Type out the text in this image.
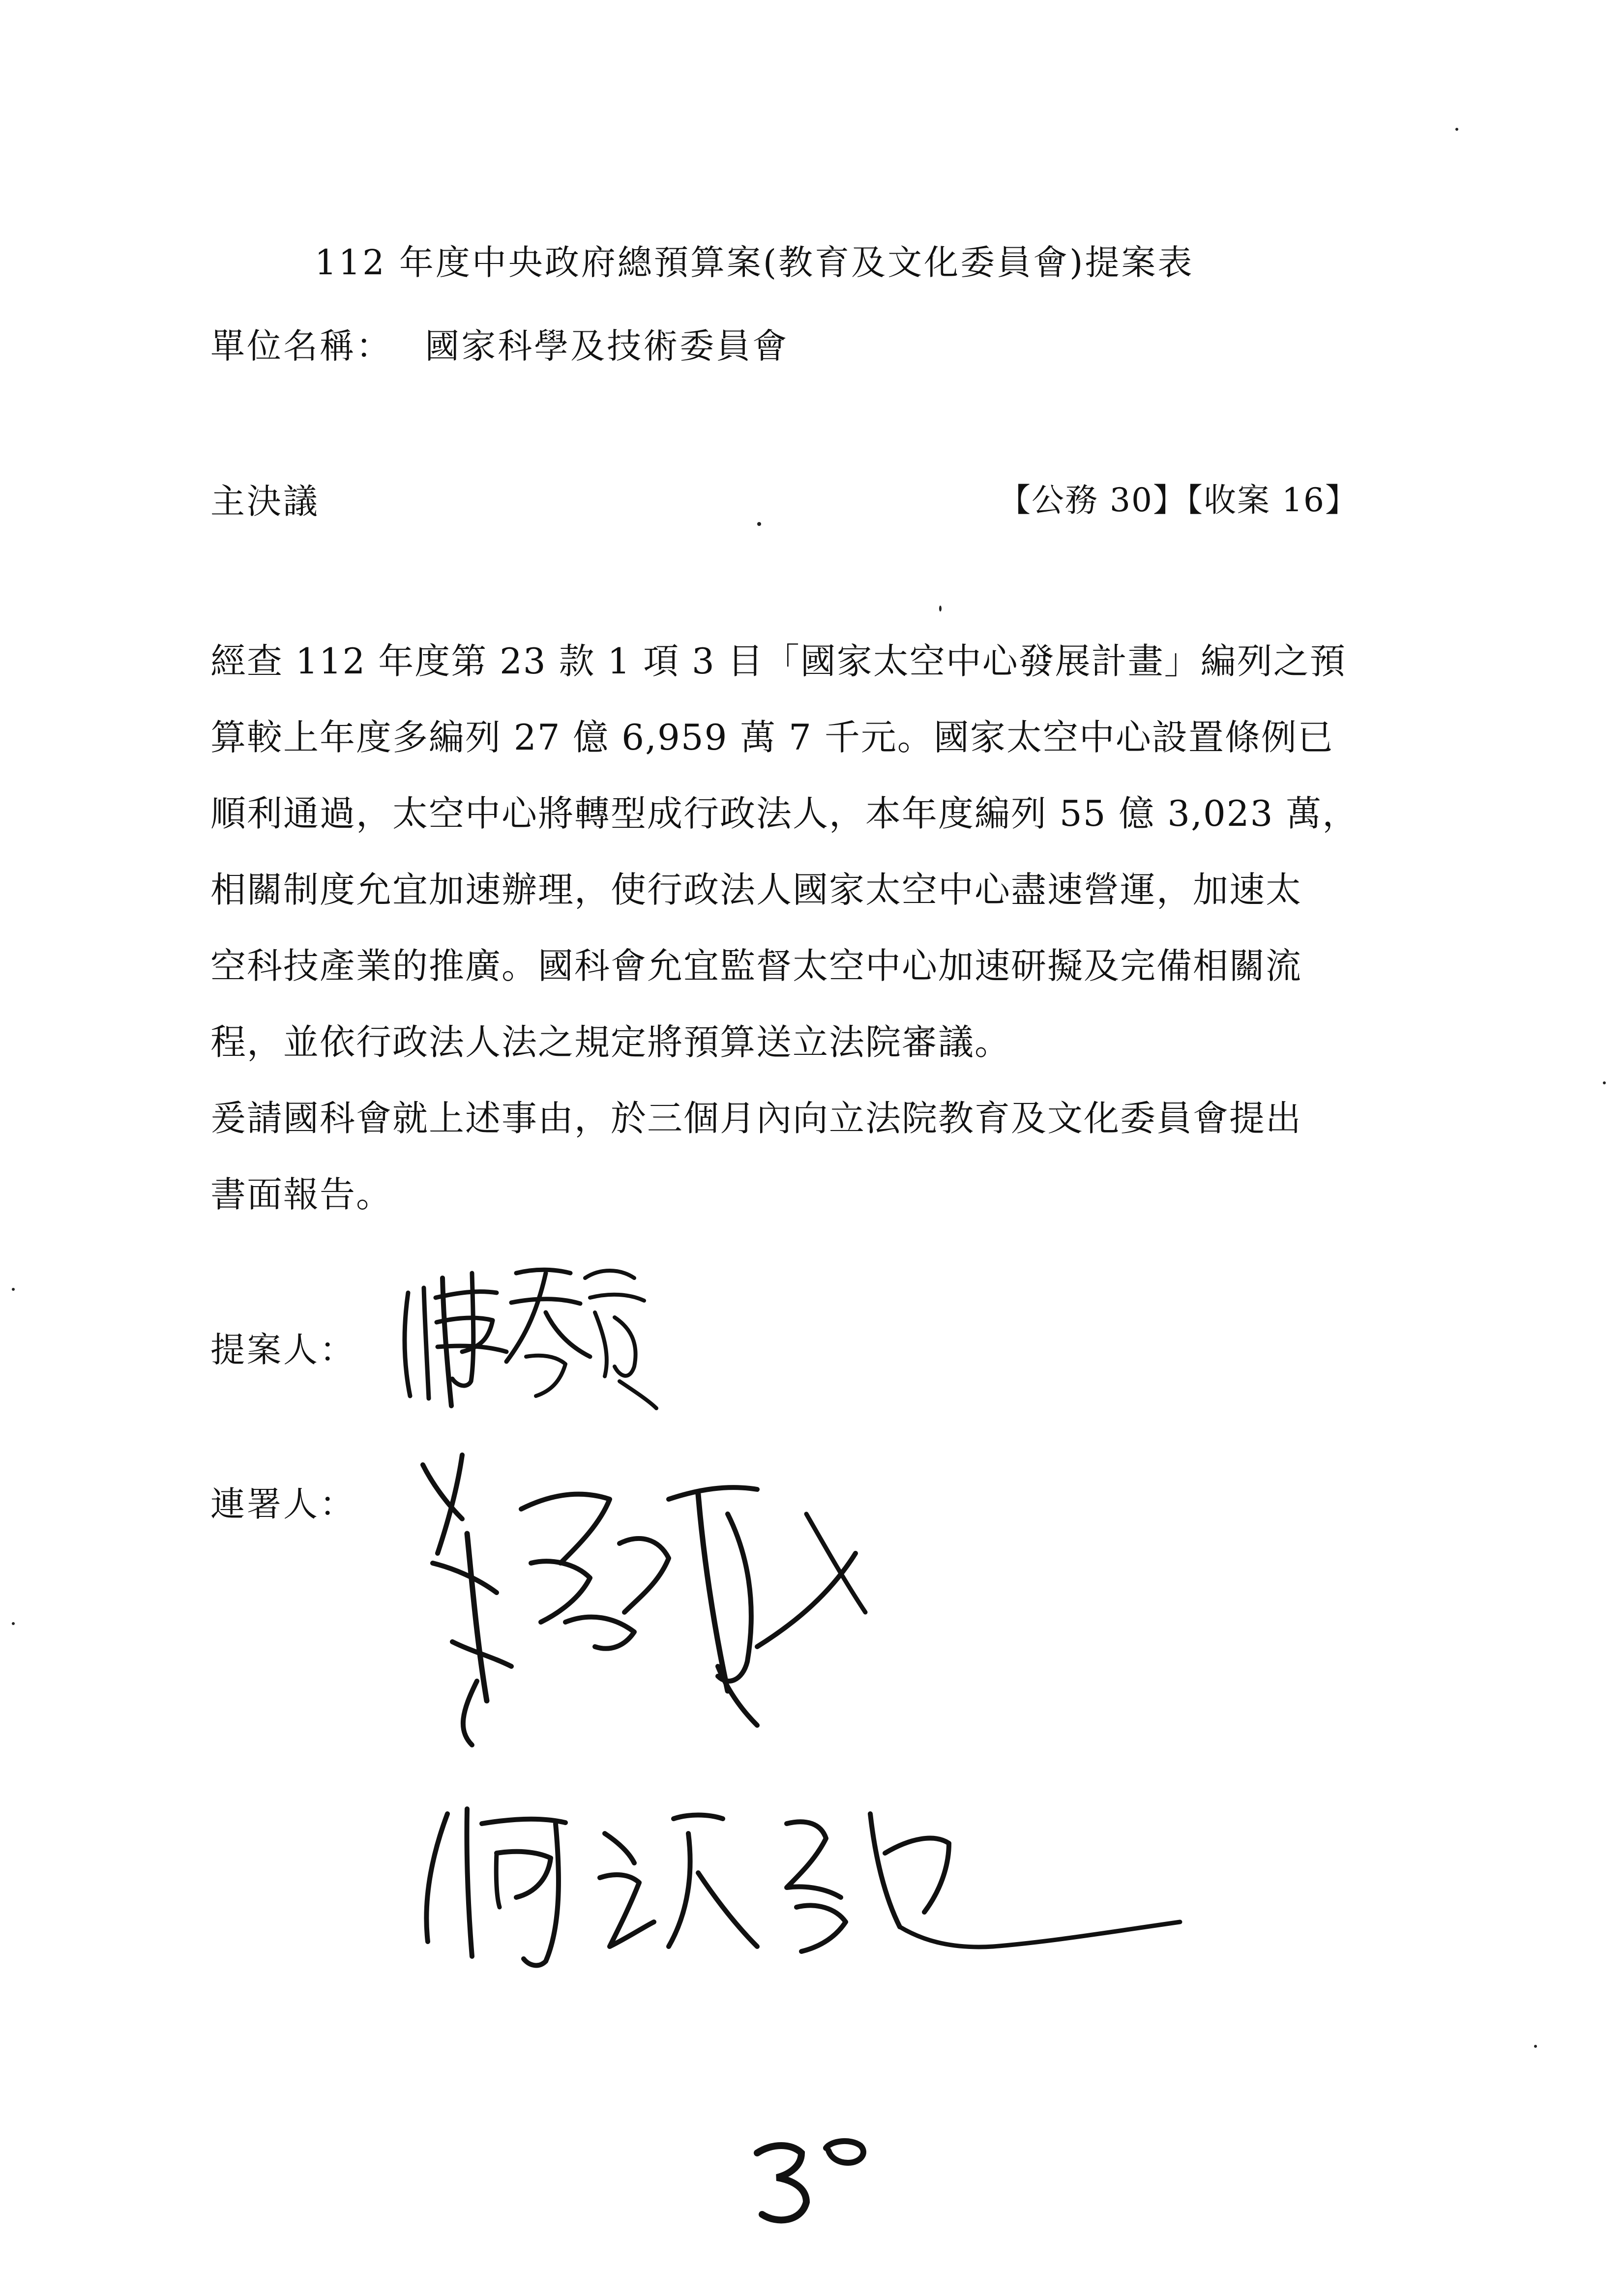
112 年度中央政府總預算案(教育及文化委員會)提案表
單位名稱： 國家科學及技術委員會
主決議	【公務 30】【收案 16】

經查 112 年度第 23 款 1 項 3 目「國家太空中心發展計畫」編列之預

算較上年度多編列 27 億 6,959 萬 7 千元。國家太空中心設置條例已

順利通過，太空中心將轉型成行政法人，本年度編列 55 億 3,023 萬，

相關制度允宜加速辦理，使行政法人國家太空中心盡速營運，加速太

空科技產業的推廣。國科會允宜監督太空中心加速研擬及完備相關流

程，並依行政法人法之規定將預算送立法院審議。

爰請國科會就上述事由，於三個月內向立法院教育及文化委員會提出

書面報告。

提案人：
連署人：
